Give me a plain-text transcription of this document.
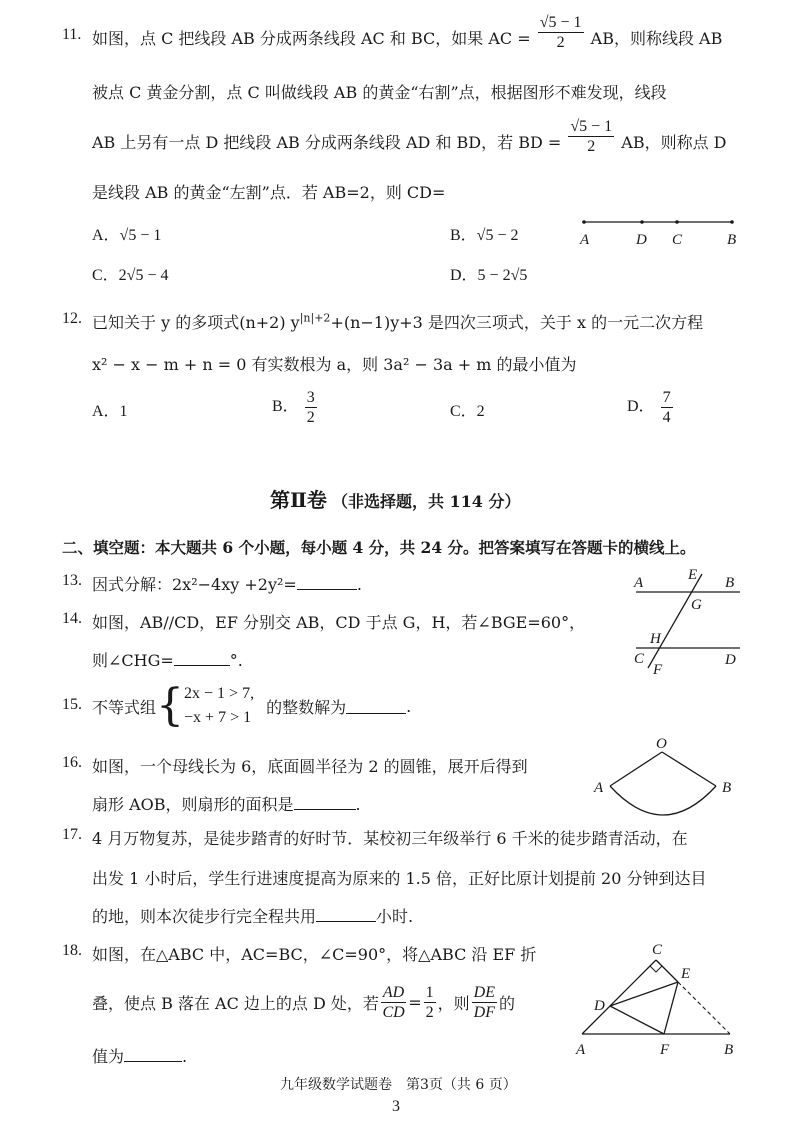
11. 如图，点 C 把线段 AB 分成两条线段 AC 和 BC，如果 AC = $\frac{√5 - 1}{2}$ AB，则称线段 AB
被点 C 黄金分割，点 C 叫做线段 AB 的黄金“右割”点，根据图形不难发现，线段
AB 上另有一点 D 把线段 AB 分成两条线段 AD 和 BD，若 BD = $\frac{√5 - 1}{2}$ AB，则称点 D
是线段 AB 的黄金“左割”点．若 AB=2，则 CD=
A．√5 − 1	B．√5 − 2
C．2√5 − 4	D．5 − 2√5
A	D C	B
12. 已知关于 y 的多项式(n+2) $y^{|n|+2}+(n-1)y+3$ 是四次三项式，关于 x 的一元二次方程
x² − x − m + n = 0 有实数根为 a，则 3a² − 3a + m 的最小值为
A．1	B． $\frac{3}{2}$	C．2	D． $\frac{7}{4}$
第Ⅱ卷 （非选择题，共 114 分）
二、填空题：本大题共 6 个小题，每小题 4 分，共 24 分。把答案填写在答题卡的横线上。
13. 因式分解：2x²−4xy +2y²=	.
14. 如图，AB//CD，EF 分别交 AB，CD 于点 G，H，若∠BGE=60°，
则∠CHG=	°.
A	E B
G
H
C
F
D
15. 不等式组 { 2x − 1 > 7,
−x + 7 > 1
的整数解为	.
16. 如图，一个母线长为 6，底面圆半径为 2 的圆锥，展开后得到
扇形 AOB，则扇形的面积是	.
O
A	B
17. 4 月万物复苏，是徒步踏青的好时节．某校初三年级举行 6 千米的徒步踏青活动，在
出发 1 小时后，学生行进速度提高为原来的 1.5 倍，正好比原计划提前 20 分钟到达目
的地，则本次徒步行完全程共用	小时.
18. 如图，在△ABC 中，AC=BC，∠C=90°，将△ABC 沿 EF 折
叠，使点 B 落在 AC 边上的点 D 处，若 $\frac{AD}{CD} = \frac{1}{2}$ ，则 $\frac{DE}{DF}$ 的
值为	.
C
E
D
A	F	B
九年级数学试题卷　第3页（共 6 页）
3
